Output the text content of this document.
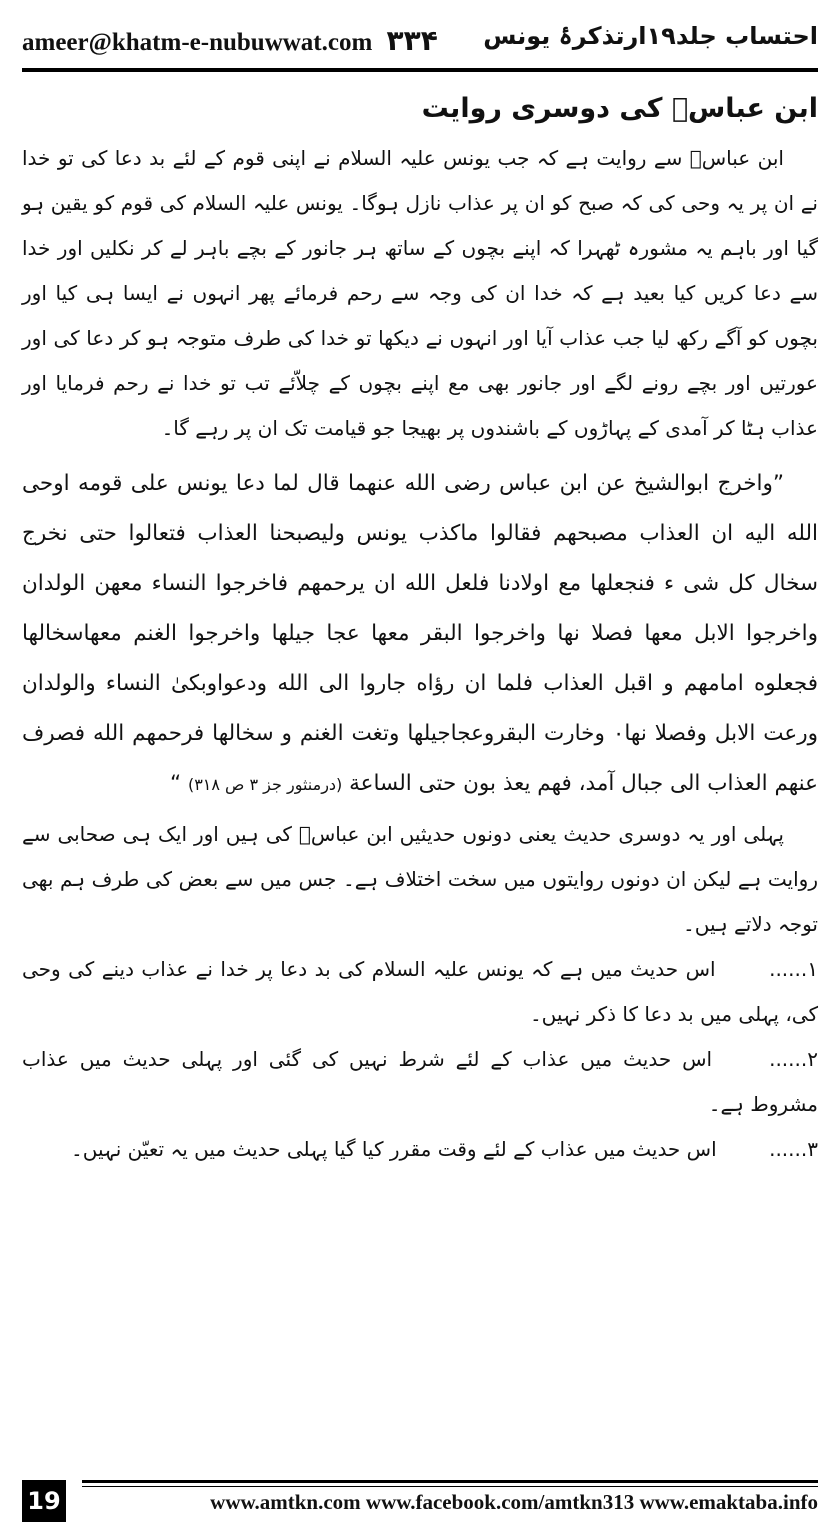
ameer@khatm-e-nubuwwat.com ۳۳۴ احتساب جلد۱۹ارتذکرۂ یونس
ابن عباسؓ کی دوسری روایت

ابن عباسؓ سے روایت ہے کہ جب یونس علیہ السلام نے اپنی قوم کے لئے بد دعا کی تو خدا نے ان پر یہ وحی کی کہ صبح کو ان پر عذاب نازل ہوگا۔ یونس علیہ السلام کی قوم کو یقین ہو گیا اور باہم یہ مشورہ ٹھہرا کہ اپنے بچوں کے ساتھ ہر جانور کے بچے باہر لے کر نکلیں اور خدا سے دعا کریں کیا بعید ہے کہ خدا ان کی وجہ سے رحم فرمائے پھر انہوں نے ایسا ہی کیا اور بچوں کو آگے رکھ لیا جب عذاب آیا اور انہوں نے دیکھا تو خدا کی طرف متوجہ ہو کر دعا کی اور عورتیں اور بچے رونے لگے اور جانور بھی مع اپنے بچوں کے چلاّئے تب تو خدا نے رحم فرمایا اور عذاب ہٹا کر آمدی کے پہاڑوں کے باشندوں پر بھیجا جو قیامت تک ان پر رہے گا۔

”واخرج ابوالشیخ عن ابن عباس رضی الله عنهما قال لما دعا یونس علی قومه اوحی الله الیه ان العذاب مصبحهم فقالوا ماکذب یونس ولیصبحنا العذاب فتعالوا حتی نخرج سخال کل شی ء فنجعلها مع اولادنا فلعل الله ان یرحمهم فاخرجوا النساء معهن الولدان واخرجوا الابل معها فصلا نها واخرجوا البقر معها عجا جیلها واخرجوا الغنم معهاسخالها فجعلوه امامهم و اقبل العذاب فلما ان رؤاه جاروا الی الله ودعواوبکیٰ النساء والولدان ورعت الابل وفصلا نها۰ وخارت البقروعجاجیلها وتغت الغنم و سخالها فرحمهم الله فصرف عنهم العذاب الی جبال آمد، فهم یعذ بون حتی الساعة (درمنثور جز ۳ ص ۳۱۸) “

پہلی اور یہ دوسری حدیث یعنی دونوں حدیثیں ابن عباسؓ کی ہیں اور ایک ہی صحابی سے روایت ہے لیکن ان دونوں روایتوں میں سخت اختلاف ہے۔ جس میں سے بعض کی طرف ہم بھی توجہ دلاتے ہیں۔

۱...... اس حدیث میں ہے کہ یونس علیہ السلام کی بد دعا پر خدا نے عذاب دینے کی وحی کی، پہلی میں بد دعا کا ذکر نہیں۔

۲...... اس حدیث میں عذاب کے لئے شرط نہیں کی گئی اور پہلی حدیث میں عذاب مشروط ہے۔

۳...... اس حدیث میں عذاب کے لئے وقت مقرر کیا گیا پہلی حدیث میں یہ تعیّن نہیں۔

19	www.amtkn.com www.facebook.com/amtkn313 www.emaktaba.info
